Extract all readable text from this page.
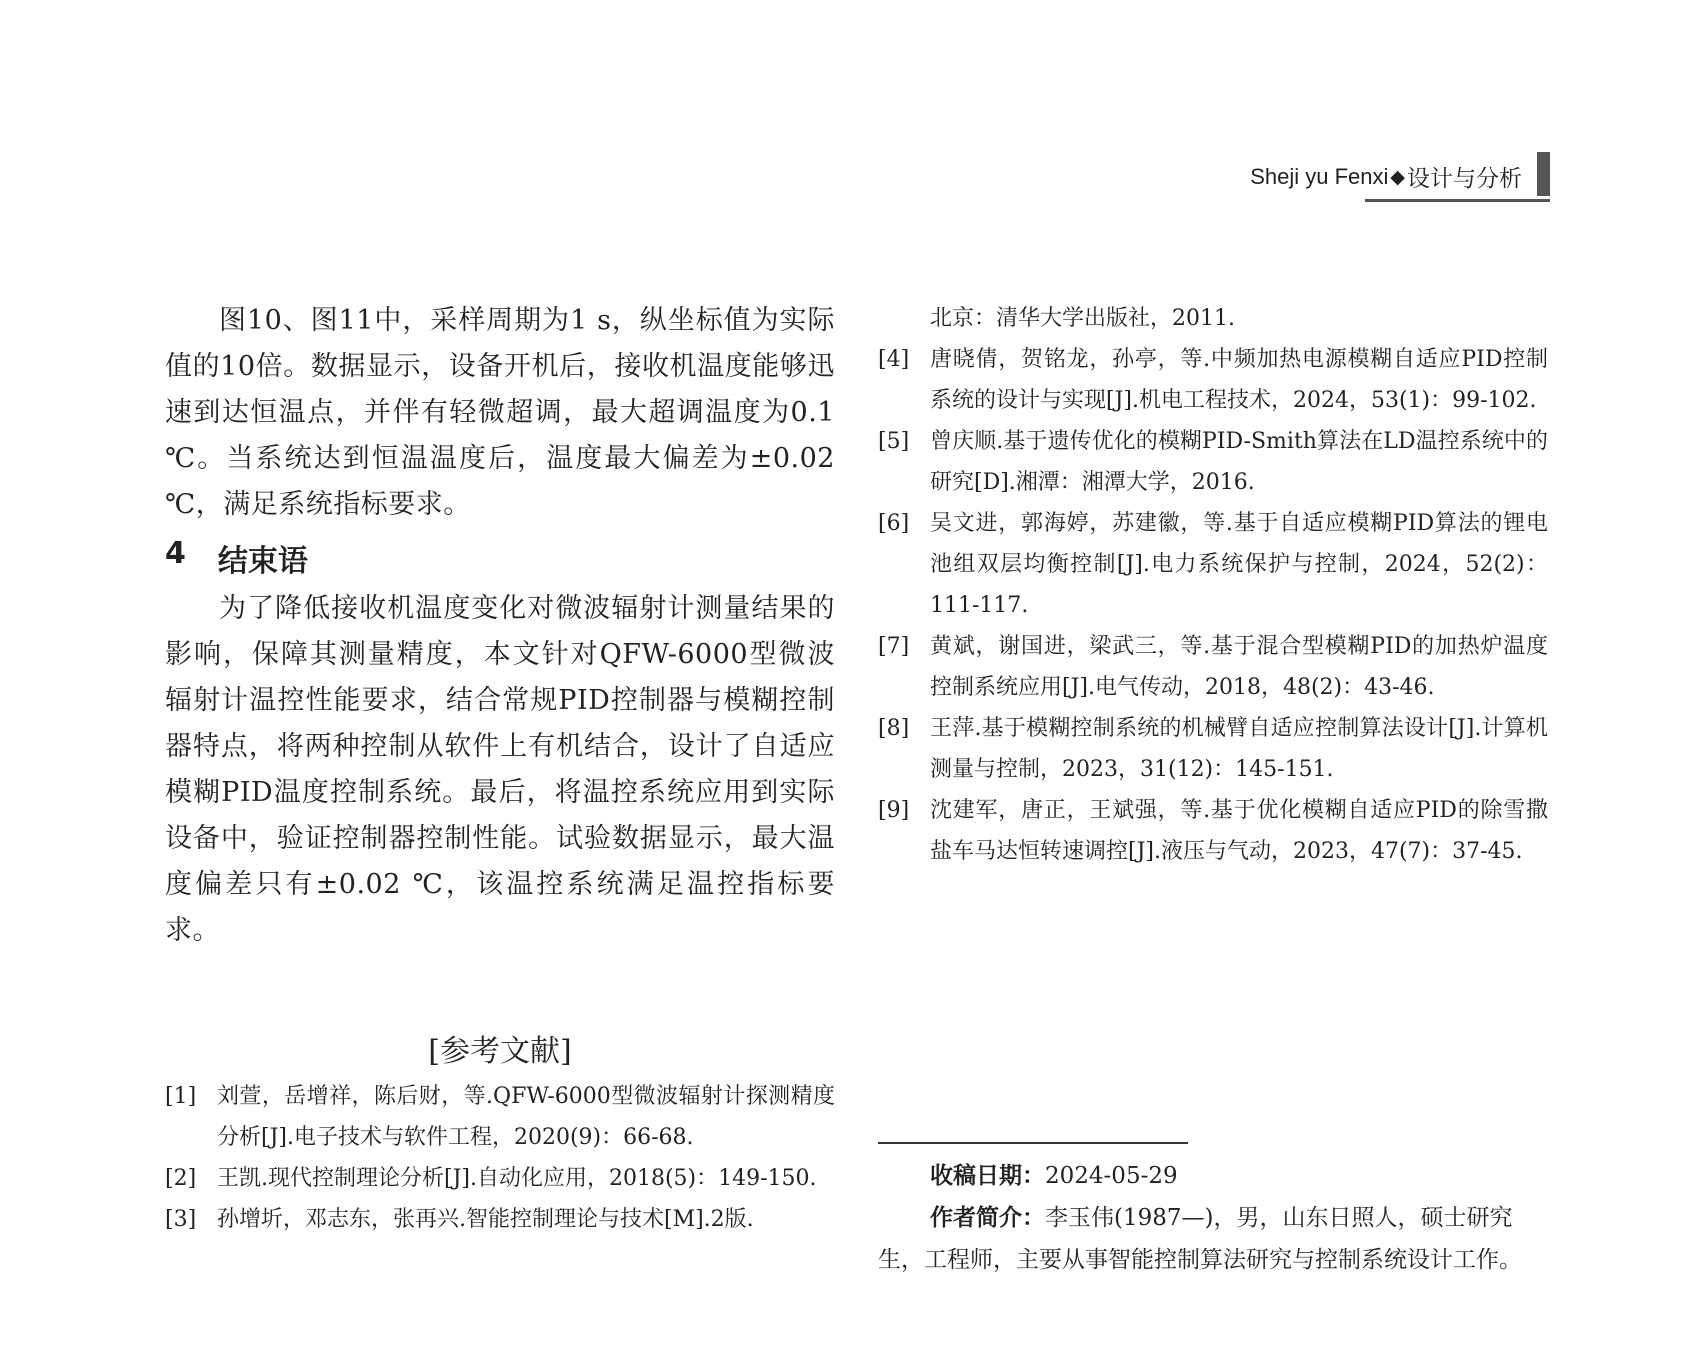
Sheji yu Fenxi ◆ 设计与分析

图10、图11中，采样周期为1 s，纵坐标值为实际值的10倍。数据显示，设备开机后，接收机温度能够迅速到达恒温点，并伴有轻微超调，最大超调温度为0.1 ℃。当系统达到恒温温度后，温度最大偏差为±0.02 ℃，满足系统指标要求。

4 结束语

为了降低接收机温度变化对微波辐射计测量结果的影响，保障其测量精度，本文针对QFW-6000型微波辐射计温控性能要求，结合常规PID控制器与模糊控制器特点，将两种控制从软件上有机结合，设计了自适应模糊PID温度控制系统。最后，将温控系统应用到实际设备中，验证控制器控制性能。试验数据显示，最大温度偏差只有±0.02 ℃，该温控系统满足温控指标要求。

[参考文献]
[1] 刘萱，岳增祥，陈后财，等.QFW-6000型微波辐射计探测精度分析[J].电子技术与软件工程，2020(9)：66-68.
[2] 王凯.现代控制理论分析[J].自动化应用，2018(5)：149-150.
[3] 孙增圻，邓志东，张再兴.智能控制理论与技术[M].2版.
北京：清华大学出版社，2011.
[4] 唐晓倩，贺铭龙，孙亭，等.中频加热电源模糊自适应PID控制系统的设计与实现[J].机电工程技术，2024，53(1)：99-102.
[5] 曾庆顺.基于遗传优化的模糊PID-Smith算法在LD温控系统中的研究[D].湘潭：湘潭大学，2016.
[6] 吴文进，郭海婷，苏建徽，等.基于自适应模糊PID算法的锂电池组双层均衡控制[J].电力系统保护与控制，2024，52(2)：111-117.
[7] 黄斌，谢国进，梁武三，等.基于混合型模糊PID的加热炉温度控制系统应用[J].电气传动，2018，48(2)：43-46.
[8] 王萍.基于模糊控制系统的机械臂自适应控制算法设计[J].计算机测量与控制，2023，31(12)：145-151.
[9] 沈建军，唐正，王斌强，等.基于优化模糊自适应PID的除雪撒盐车马达恒转速调控[J].液压与气动，2023，47(7)：37-45.
收稿日期：2024-05-29
作者简介：李玉伟(1987—)，男，山东日照人，硕士研究生，工程师，主要从事智能控制算法研究与控制系统设计工作。
